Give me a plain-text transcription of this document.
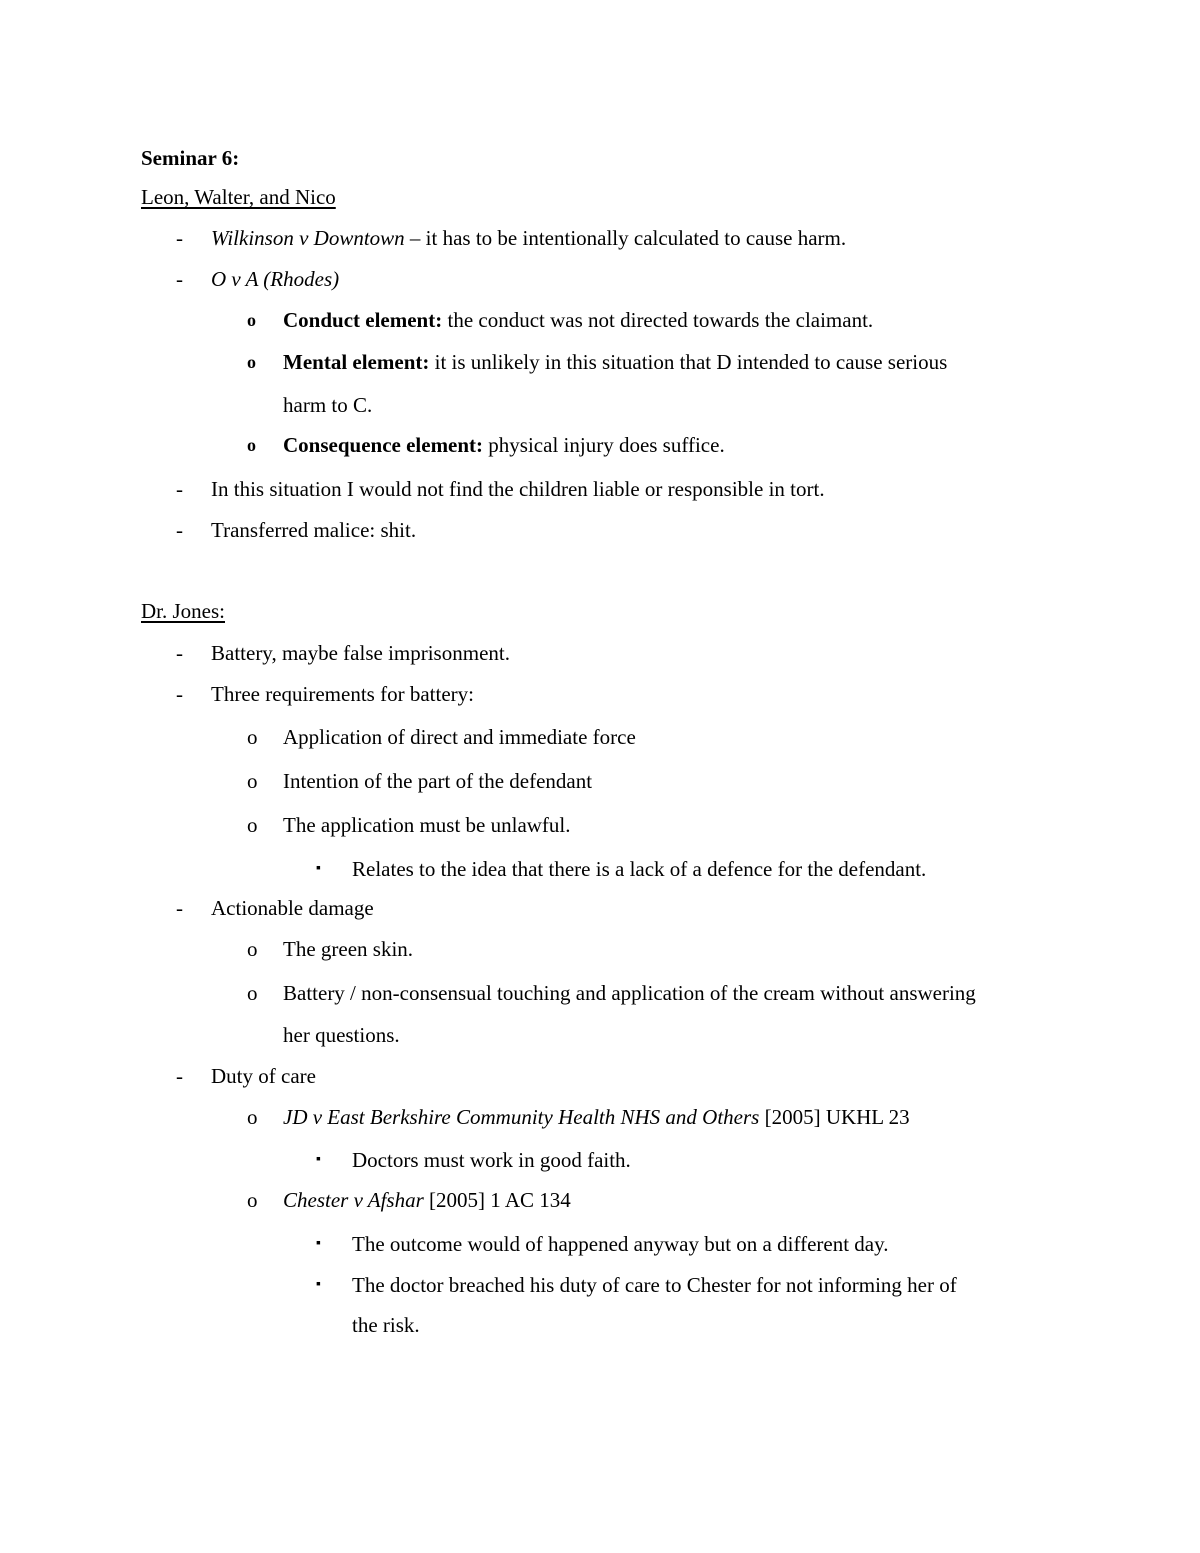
Seminar 6:
Leon, Walter, and Nico
- Wilkinson v Downtown – it has to be intentionally calculated to cause harm.
- O v A (Rhodes)
o Conduct element: the conduct was not directed towards the claimant.
o Mental element: it is unlikely in this situation that D intended to cause serious
harm to C.
o Consequence element: physical injury does suffice.
- In this situation I would not find the children liable or responsible in tort.
- Transferred malice: shit.
Dr. Jones:
- Battery, maybe false imprisonment.
- Three requirements for battery:
o Application of direct and immediate force
o Intention of the part of the defendant
o The application must be unlawful.
▪ Relates to the idea that there is a lack of a defence for the defendant.
- Actionable damage
o The green skin.
o Battery / non-consensual touching and application of the cream without answering
her questions.
- Duty of care
o JD v East Berkshire Community Health NHS and Others [2005] UKHL 23
▪ Doctors must work in good faith.
o Chester v Afshar [2005] 1 AC 134
▪ The outcome would of happened anyway but on a different day.
▪ The doctor breached his duty of care to Chester for not informing her of
the risk.
